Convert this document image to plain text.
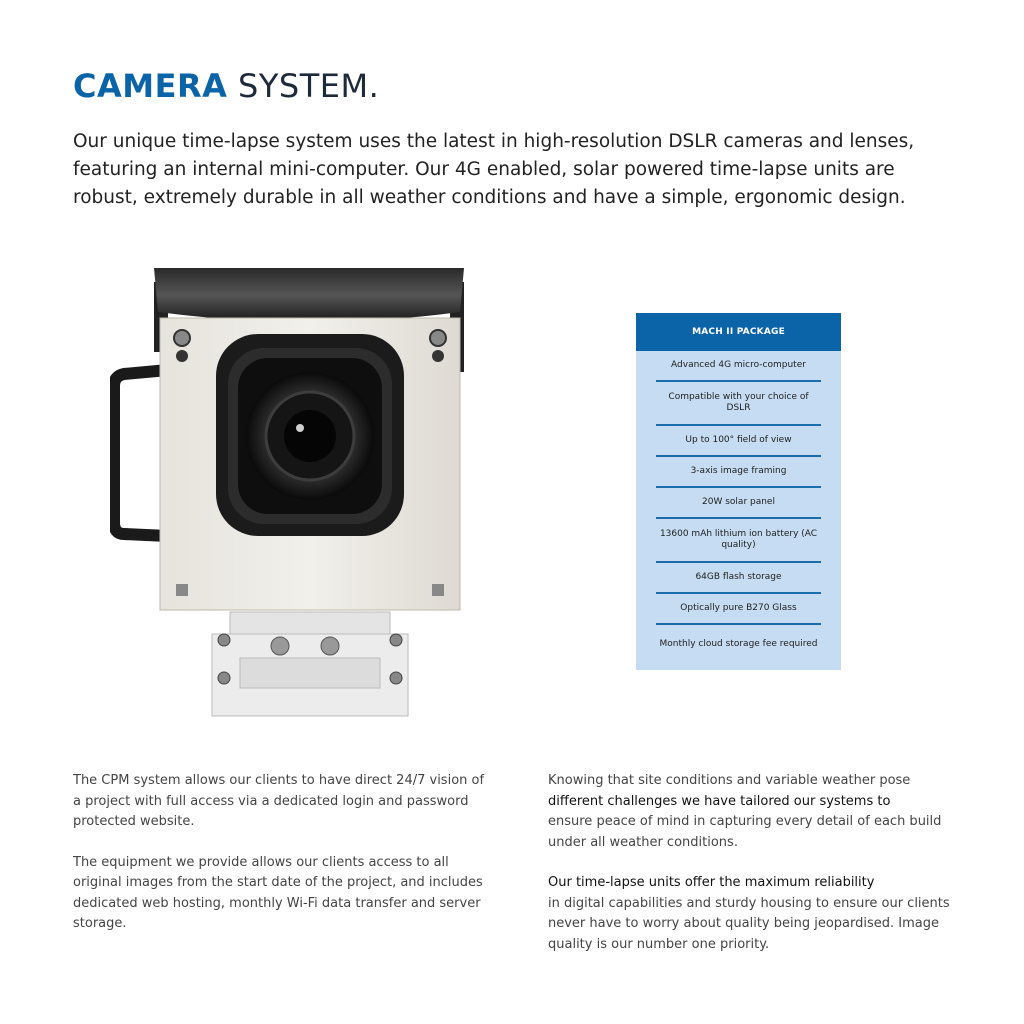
CAMERA SYSTEM.
Our unique time-lapse system uses the latest in high-resolution DSLR cameras and lenses, featuring an internal mini-computer. Our 4G enabled, solar powered time-lapse units are robust, extremely durable in all weather conditions and have a simple, ergonomic design.
MACH II PACKAGE
Advanced 4G micro-computer
Compatible with your choice of DSLR
Up to 100° field of view
3-axis image framing
20W solar panel
13600 mAh lithium ion battery (AC quality)
64GB flash storage
Optically pure B270 Glass
Monthly cloud storage fee required

The CPM system allows our clients to have direct 24/7 vision of a project with full access via a dedicated login and password protected website.

The equipment we provide allows our clients access to all original images from the start date of the project, and includes dedicated web hosting, monthly Wi-Fi data transfer and server storage.

Knowing that site conditions and variable weather pose
different challenges we have tailored our systems to
ensure peace of mind in capturing every detail of each build under all weather conditions.

Our time-lapse units offer the maximum reliability
in digital capabilities and sturdy housing to ensure our clients never have to worry about quality being jeopardised. Image quality is our number one priority.
